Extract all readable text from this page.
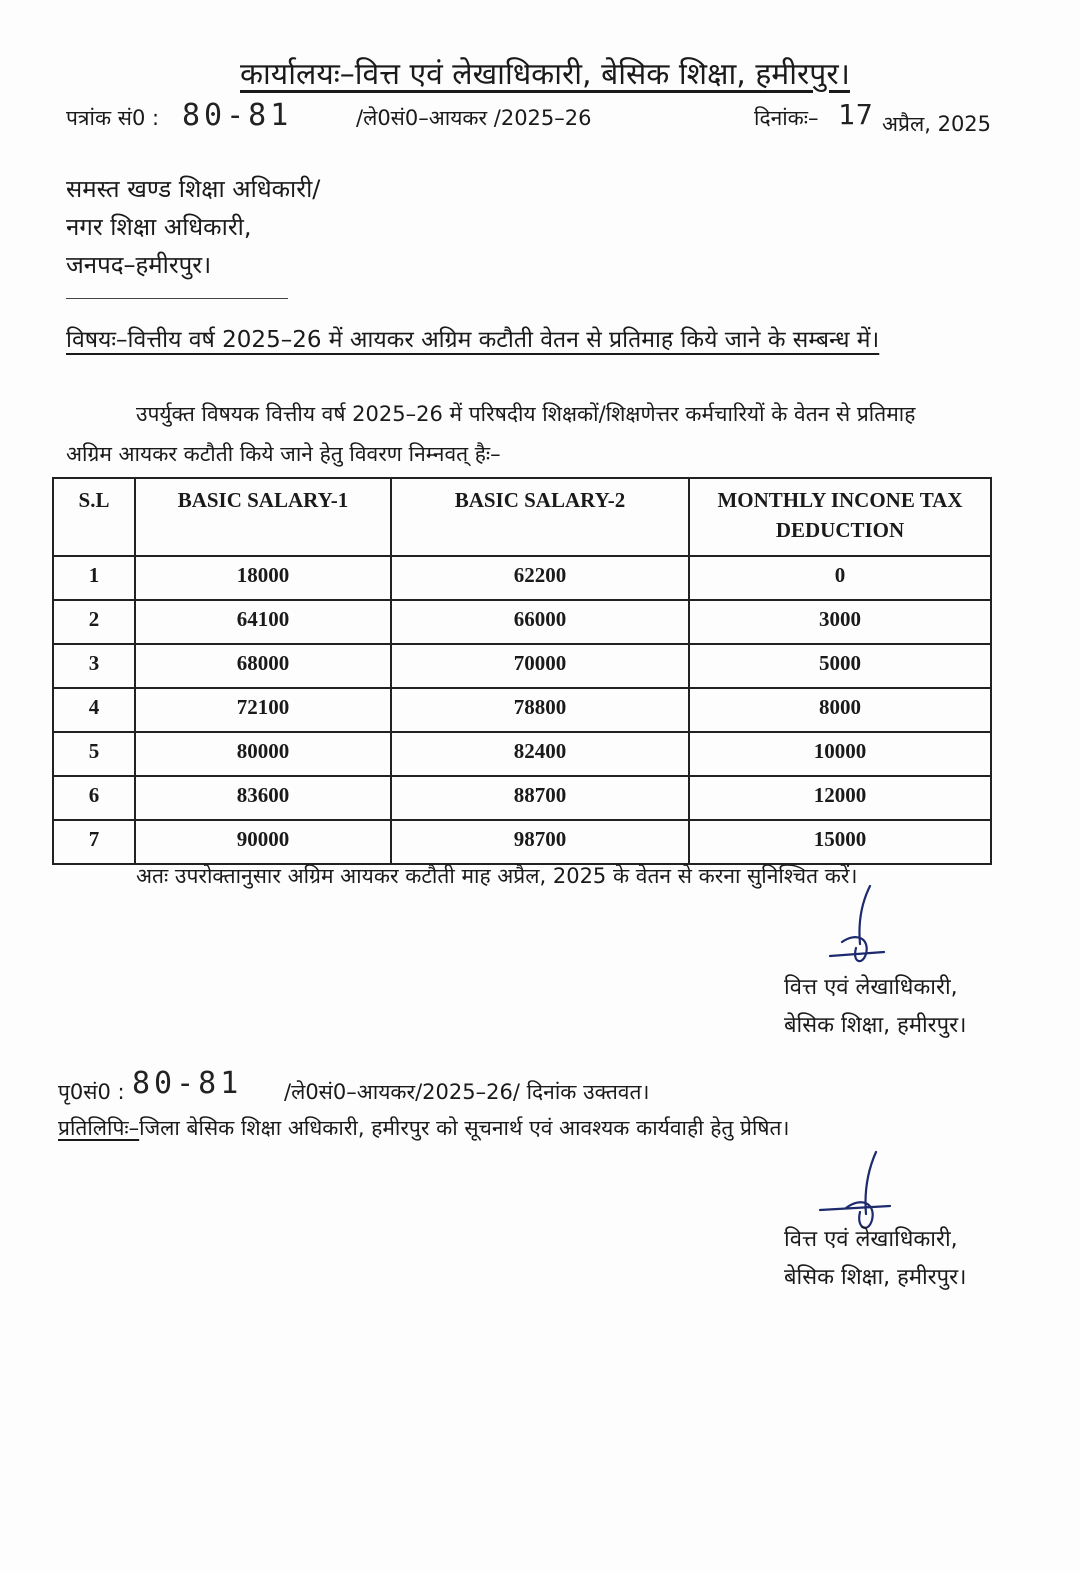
कार्यालयः–वित्त एवं लेखाधिकारी, बेसिक शिक्षा, हमीरपुर।
पत्रांक सं0 : 80-81	/ले0सं0–आयकर /2025–26	दिनांकः– 17 अप्रैल, 2025
समस्त खण्ड शिक्षा अधिकारी/
नगर शिक्षा अधिकारी,
जनपद–हमीरपुर।
विषयः–वित्तीय वर्ष 2025–26 में आयकर अग्रिम कटौती वेतन से प्रतिमाह किये जाने के सम्बन्ध में।
उपर्युक्त विषयक वित्तीय वर्ष 2025–26 में परिषदीय शिक्षकों/शिक्षणेत्तर कर्मचारियों के वेतन से प्रतिमाह
अग्रिम आयकर कटौती किये जाने हेतु विवरण निम्नवत् हैः–
S.L	BASIC SALARY-1	BASIC SALARY-2	MONTHLY INCONE TAX DEDUCTION
1	18000	62200	0
2	64100	66000	3000
3	68000	70000	5000
4	72100	78800	8000
5	80000	82400	10000
6	83600	88700	12000
7	90000	98700	15000
अतः उपरोक्तानुसार अग्रिम आयकर कटौती माह अप्रैल, 2025 के वेतन से करना सुनिश्चित करें।
वित्त एवं लेखाधिकारी,
बेसिक शिक्षा, हमीरपुर।
पृ0सं0 : 80-81 /ले0सं0–आयकर/2025–26/ दिनांक उक्तवत।
प्रतिलिपिः–जिला बेसिक शिक्षा अधिकारी, हमीरपुर को सूचनार्थ एवं आवश्यक कार्यवाही हेतु प्रेषित।
वित्त एवं लेखाधिकारी,
बेसिक शिक्षा, हमीरपुर।
